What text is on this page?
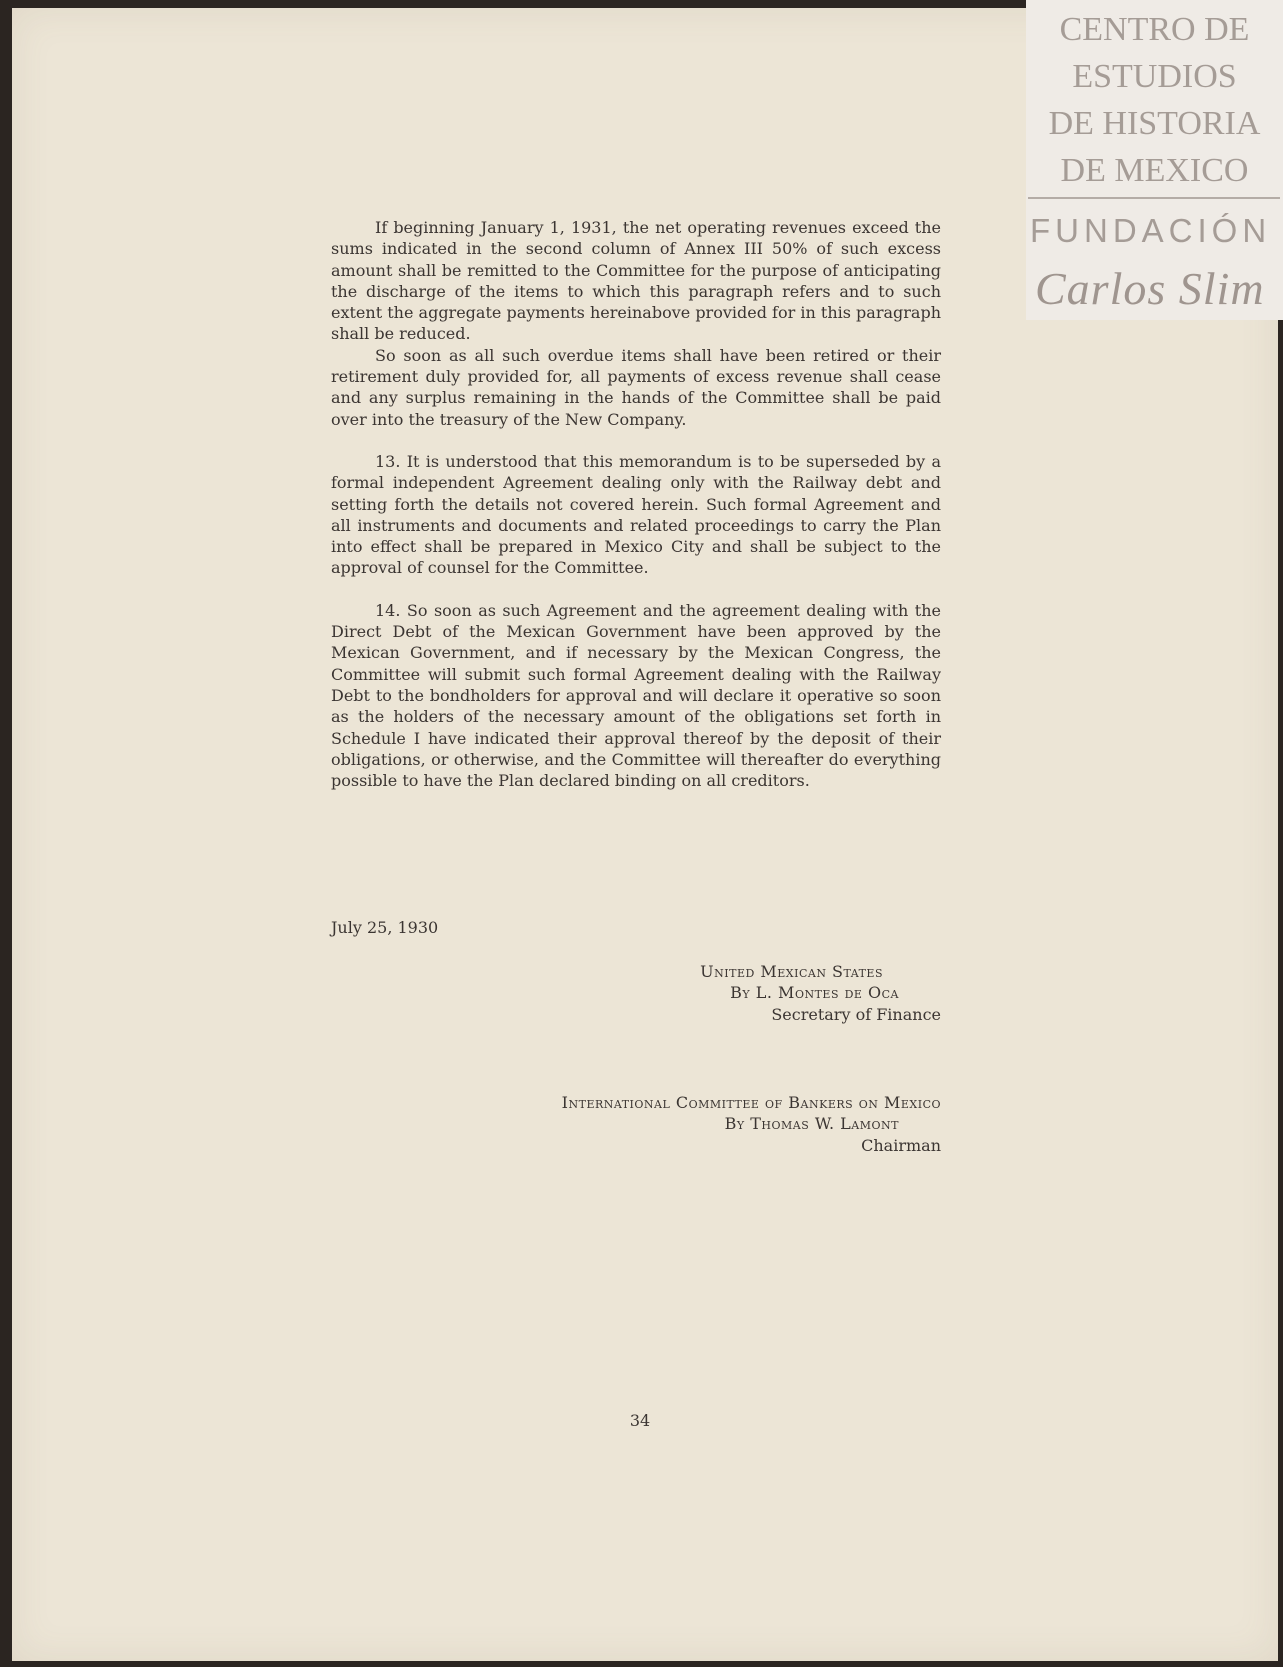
CENTRO DE
ESTUDIOS
DE HISTORIA
DE MEXICO
FUNDACIÓN
Carlos Slim

If beginning January 1, 1931, the net operating revenues exceed the sums indicated in the second column of Annex III 50% of such excess amount shall be remitted to the Committee for the purpose of anticipating the discharge of the items to which this paragraph refers and to such extent the aggregate payments hereinabove provided for in this paragraph shall be reduced.

So soon as all such overdue items shall have been retired or their retirement duly provided for, all payments of excess revenue shall cease and any surplus remaining in the hands of the Committee shall be paid over into the treasury of the New Company.

13. It is understood that this memorandum is to be superseded by a formal independent Agreement dealing only with the Railway debt and setting forth the details not covered herein. Such formal Agreement and all instruments and documents and related proceedings to carry the Plan into effect shall be prepared in Mexico City and shall be subject to the approval of counsel for the Committee.

14. So soon as such Agreement and the agreement dealing with the Direct Debt of the Mexican Government have been approved by the Mexican Government, and if necessary by the Mexican Congress, the Committee will submit such formal Agreement dealing with the Railway Debt to the bondholders for approval and will declare it operative so soon as the holders of the necessary amount of the obligations set forth in Schedule I have indicated their approval thereof by the deposit of their obligations, or otherwise, and the Committee will thereafter do everything possible to have the Plan declared binding on all creditors.

July 25, 1930
United Mexican States
By L. Montes de Oca
Secretary of Finance
International Committee of Bankers on Mexico
By Thomas W. Lamont
Chairman
34
